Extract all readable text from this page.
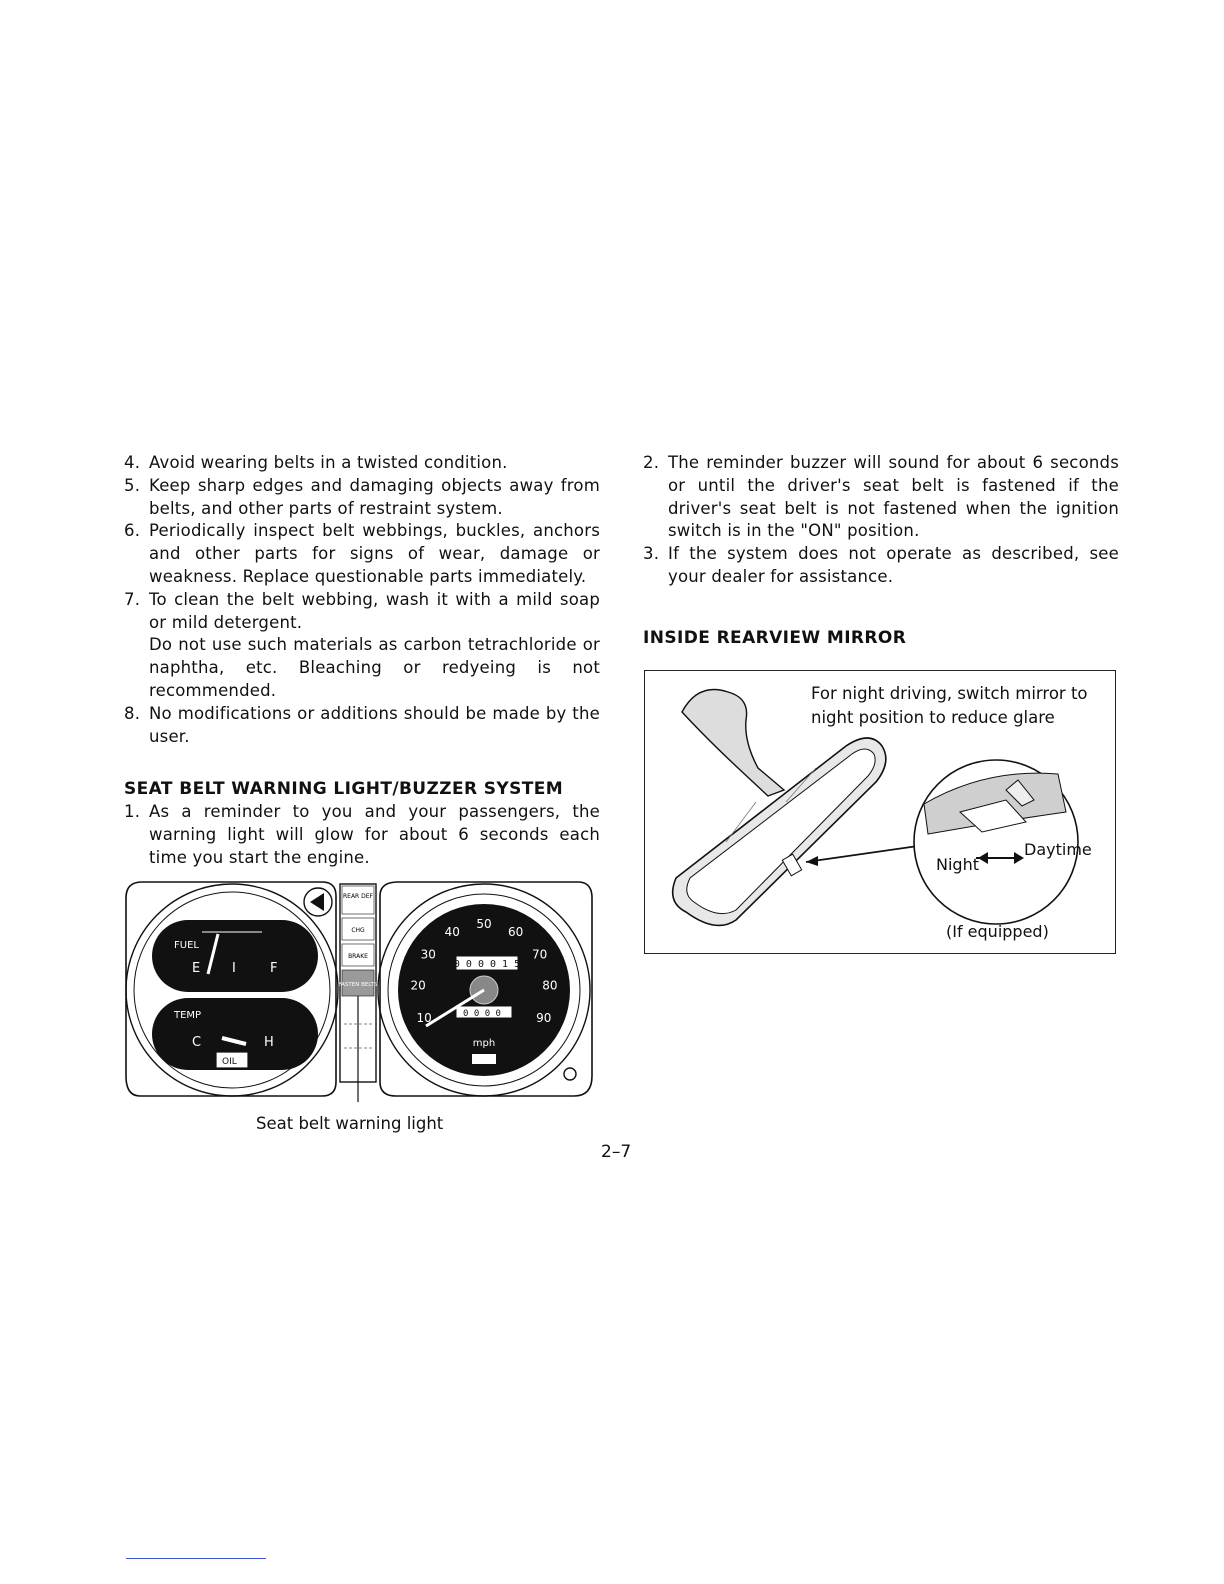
4. Avoid wearing belts in a twisted condition.
5. Keep sharp edges and damaging objects away from belts, and other parts of restraint system.
6. Periodically inspect belt webbings, buckles, anchors and other parts for signs of wear, damage or weakness. Replace questionable parts immediately.
7. To clean the belt webbing, wash it with a mild soap or mild detergent.
Do not use such materials as carbon tetrachloride or naphtha, etc. Bleaching or redyeing is not recommended.
8. No modifications or additions should be made by the user.
SEAT BELT WARNING LIGHT/BUZZER SYSTEM
1. As a reminder to you and your passengers, the warning light will glow for about 6 seconds each time you start the engine.
2. The reminder buzzer will sound for about 6 seconds or until the driver's seat belt is fastened if the driver's seat belt is not fastened when the ignition switch is in the "ON" position.
3. If the system does not operate as described, see your dealer for assistance.
INSIDE REARVIEW MIRROR
FUEL
E I	F
TEMP
C	H
OIL
REAR DEF
CHG
BRAKE
FASTEN BELTS
10
20
30
40
50
60
70
80
90
0 0 0 0 1 5
0 0 0 0
mph
Seat belt warning light
For night driving, switch mirror to night position to reduce glare
Night
Daytime
(If equipped)
2–7
